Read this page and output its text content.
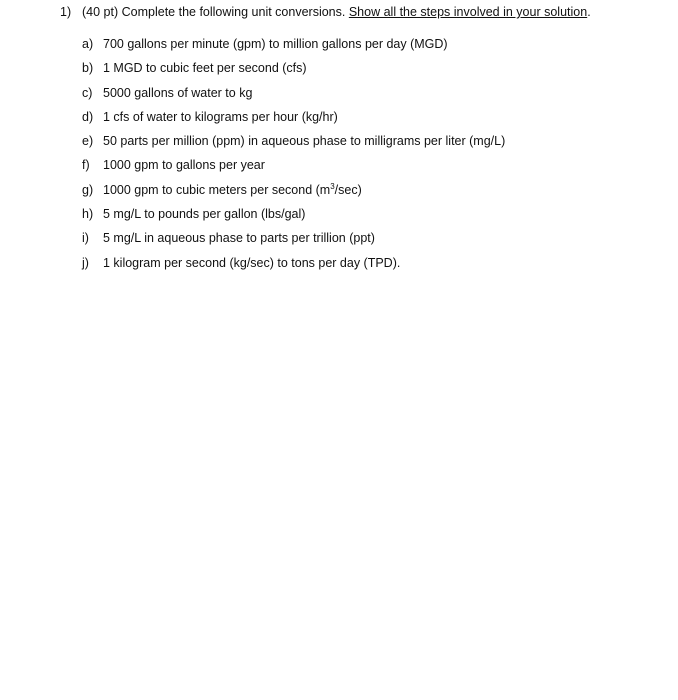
1) (40 pt) Complete the following unit conversions. Show all the steps involved in your solution.
a) 700 gallons per minute (gpm) to million gallons per day (MGD)
b) 1 MGD to cubic feet per second (cfs)
c) 5000 gallons of water to kg
d) 1 cfs of water to kilograms per hour (kg/hr)
e) 50 parts per million (ppm) in aqueous phase to milligrams per liter (mg/L)
f) 1000 gpm to gallons per year
g) 1000 gpm to cubic meters per second $(m^3/\sec)$
h) 5 mg/L to pounds per gallon (lbs/gal)
i) 5 mg/L in aqueous phase to parts per trillion (ppt)
j) 1 kilogram per second (kg/sec) to tons per day (TPD).
